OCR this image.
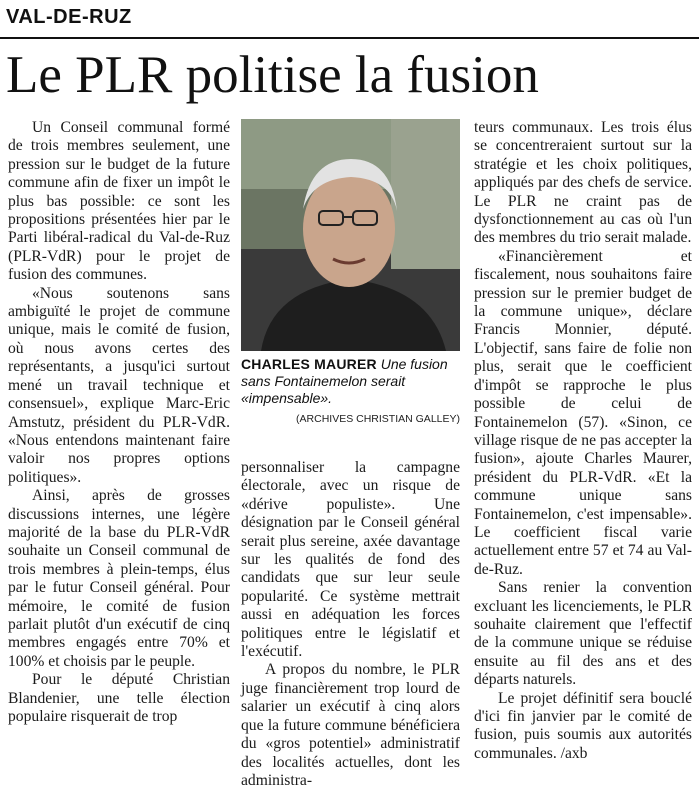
VAL-DE-RUZ
Le PLR politise la fusion

Un Conseil communal formé de trois membres seulement, une pression sur le budget de la future commune afin de fixer un impôt le plus bas possible: ce sont les propositions présentées hier par le Parti libéral-radical du Val-de-Ruz (PLR-VdR) pour le projet de fusion des communes.

«Nous soutenons sans ambiguïté le projet de commune unique, mais le comité de fusion, où nous avons certes des représentants, a jusqu'ici surtout mené un travail technique et consensuel», explique Marc-Eric Amstutz, président du PLR-VdR. «Nous entendons maintenant faire valoir nos propres options politiques».

Ainsi, après de grosses discussions internes, une légère majorité de la base du PLR-VdR souhaite un Conseil communal de trois membres à plein-temps, élus par le futur Conseil général. Pour mémoire, le comité de fusion parlait plutôt d'un exécutif de cinq membres engagés entre 70% et 100% et choisis par le peuple.

Pour le député Christian Blandenier, une telle élection populaire risquerait de trop

CHARLES MAURER Une fusion sans Fontainemelon serait «impensable».
(ARCHIVES CHRISTIAN GALLEY)

personnaliser la campagne électorale, avec un risque de «dérive populiste». Une désignation par le Conseil général serait plus sereine, axée davantage sur les qualités de fond des candidats que sur leur seule popularité. Ce système mettrait aussi en adéquation les forces politiques entre le législatif et l'exécutif.

A propos du nombre, le PLR juge financièrement trop lourd de salarier un exécutif à cinq alors que la future commune bénéficiera du «gros potentiel» administratif des localités actuelles, dont les administra-

teurs communaux. Les trois élus se concentreraient surtout sur la stratégie et les choix politiques, appliqués par des chefs de service. Le PLR ne craint pas de dysfonctionnement au cas où l'un des membres du trio serait malade.

«Financièrement et fiscalement, nous souhaitons faire pression sur le premier budget de la commune unique», déclare Francis Monnier, député. L'objectif, sans faire de folie non plus, serait que le coefficient d'impôt se rapproche le plus possible de celui de Fontainemelon (57). «Sinon, ce village risque de ne pas accepter la fusion», ajoute Charles Maurer, président du PLR-VdR. «Et la commune unique sans Fontainemelon, c'est impensable». Le coefficient fiscal varie actuellement entre 57 et 74 au Val-de-Ruz.

Sans renier la convention excluant les licenciements, le PLR souhaite clairement que l'effectif de la commune unique se réduise ensuite au fil des ans et des départs naturels.

Le projet définitif sera bouclé d'ici fin janvier par le comité de fusion, puis soumis aux autorités communales. /axb
